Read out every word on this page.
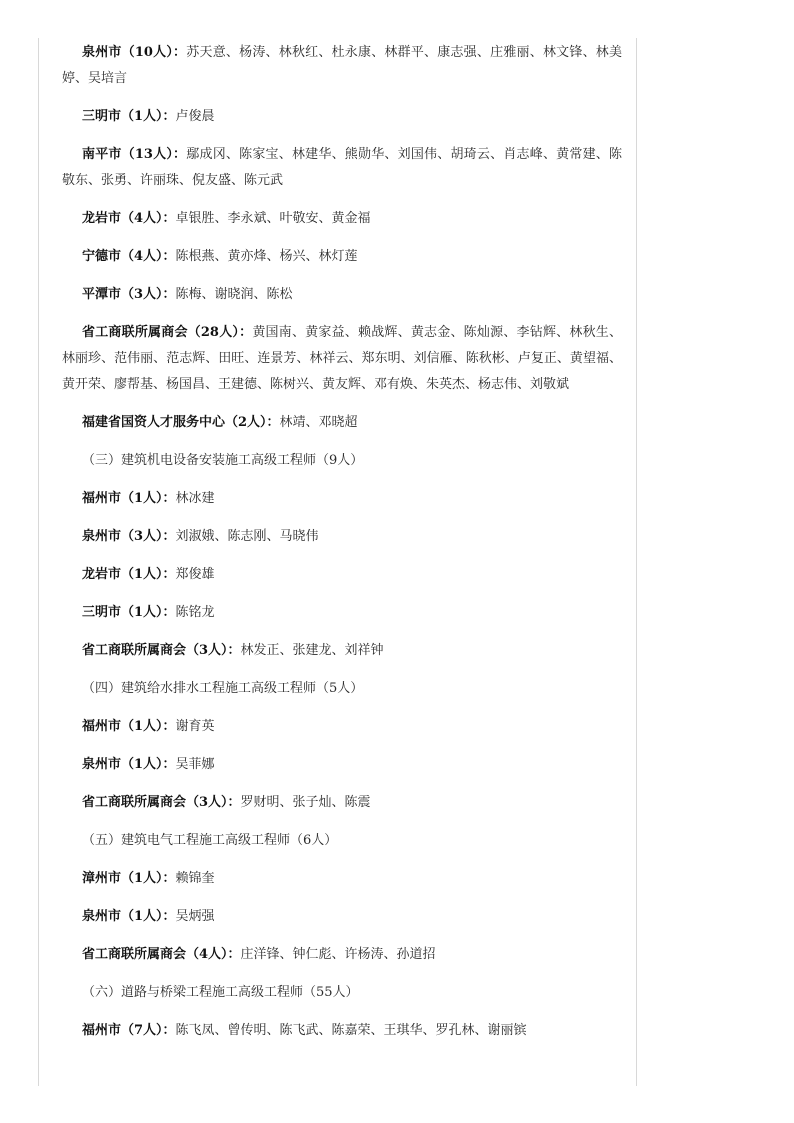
泉州市（10人）：苏天意、杨涛、林秋红、杜永康、林群平、康志强、庄雅丽、林文锋、林美婷、吴培言

三明市（1人）：卢俊晨

南平市（13人）：鄢成冈、陈家宝、林建华、熊勋华、刘国伟、胡琦云、肖志峰、黄常建、陈敬东、张勇、许丽珠、倪友盛、陈元武

龙岩市（4人）：卓银胜、李永斌、叶敬安、黄金福

宁德市（4人）：陈根燕、黄亦烽、杨兴、林灯莲

平潭市（3人）：陈梅、谢晓润、陈松

省工商联所属商会（28人）：黄国南、黄家益、赖战辉、黄志金、陈灿源、李钻辉、林秋生、林丽珍、范伟丽、范志辉、田旺、连景芳、林祥云、郑东明、刘信雁、陈秋彬、卢复正、黄望福、黄开荣、廖帮基、杨国昌、王建德、陈树兴、黄友辉、邓有焕、朱英杰、杨志伟、刘敬斌

福建省国资人才服务中心（2人）：林靖、邓晓超

（三）建筑机电设备安装施工高级工程师（9人）

福州市（1人）：林冰建

泉州市（3人）：刘淑娥、陈志刚、马晓伟

龙岩市（1人）：郑俊雄

三明市（1人）：陈铭龙

省工商联所属商会（3人）：林发正、张建龙、刘祥钟

（四）建筑给水排水工程施工高级工程师（5人）

福州市（1人）：谢育英

泉州市（1人）：吴菲娜

省工商联所属商会（3人）：罗财明、张子灿、陈震

（五）建筑电气工程施工高级工程师（6人）

漳州市（1人）：赖锦奎

泉州市（1人）：吴炳强

省工商联所属商会（4人）：庄洋锋、钟仁彪、许杨涛、孙道招

（六）道路与桥梁工程施工高级工程师（55人）

福州市（7人）：陈飞凤、曾传明、陈飞武、陈嘉荣、王琪华、罗孔林、谢丽镔
